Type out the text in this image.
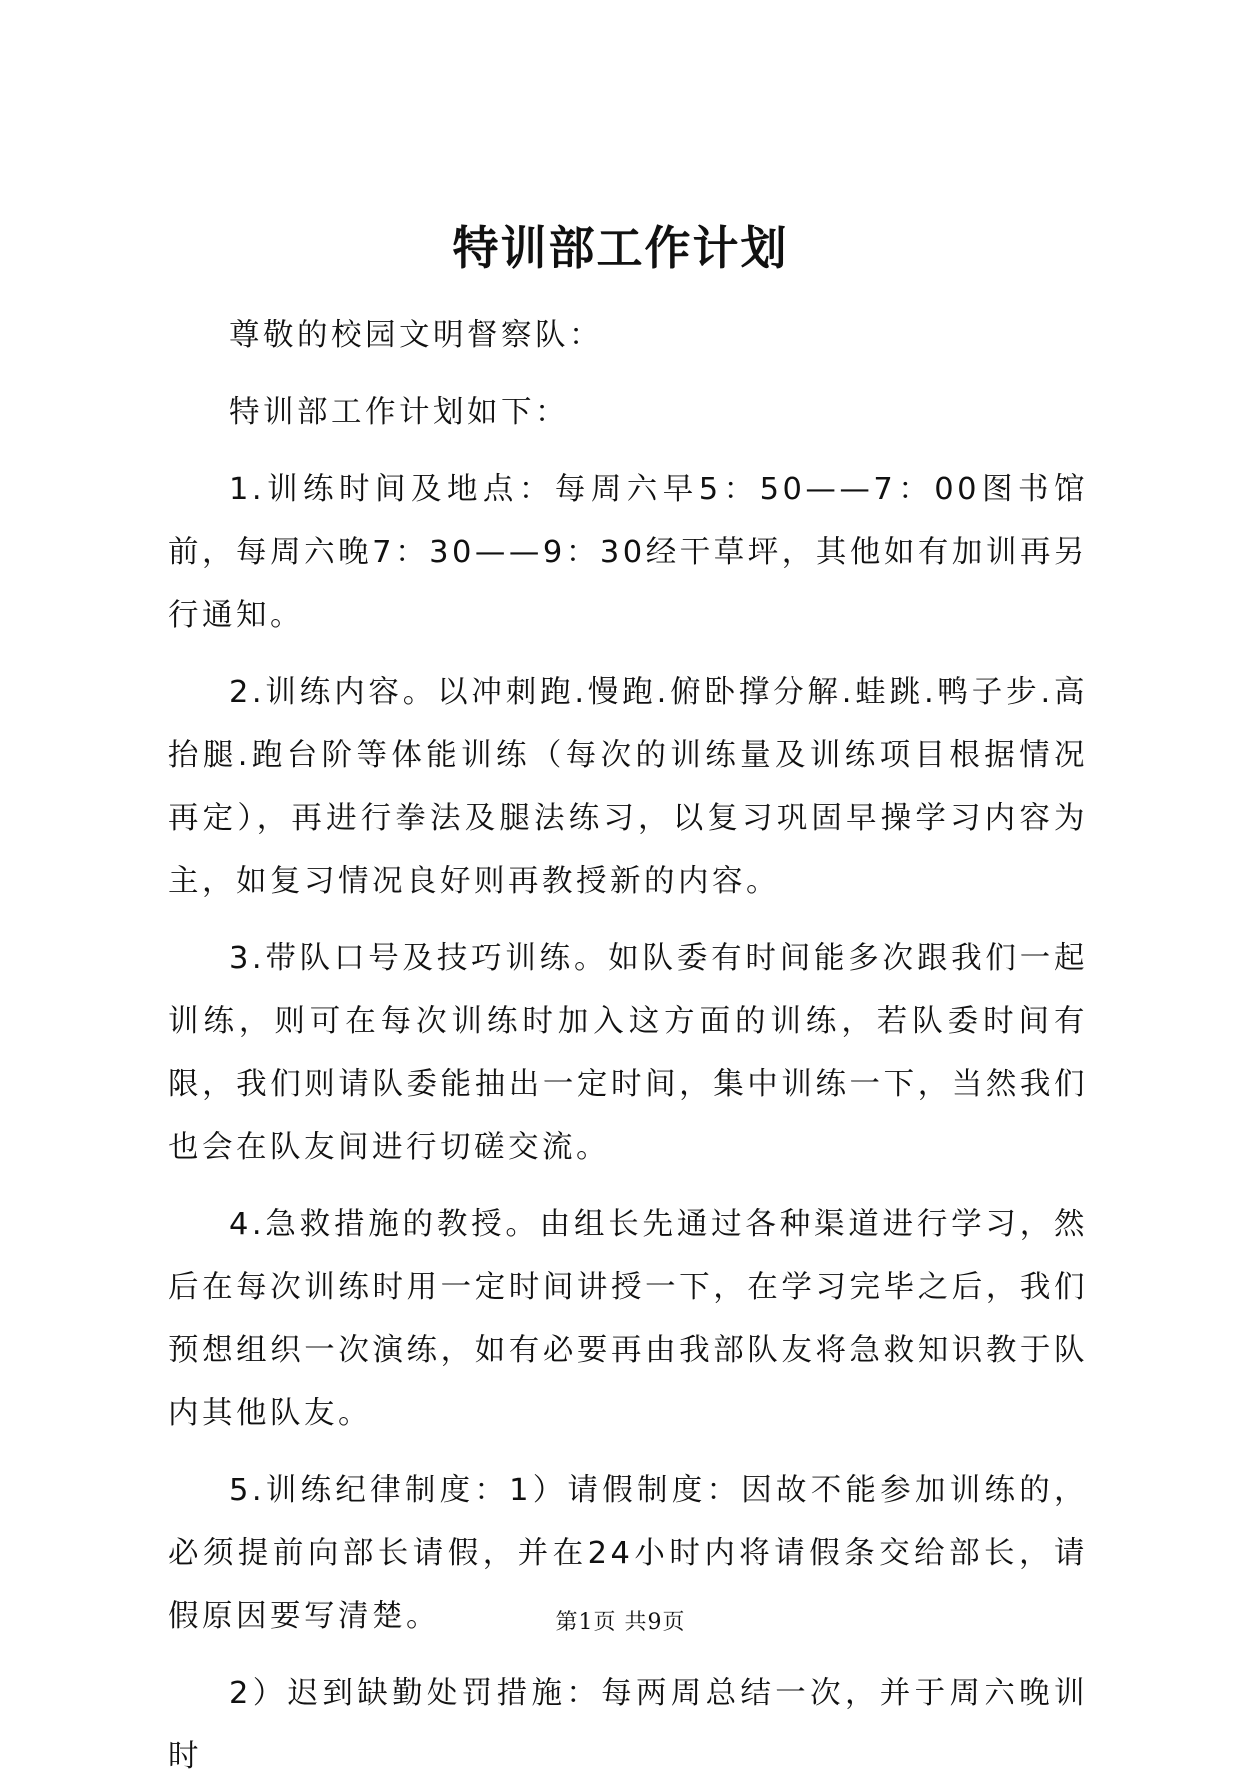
特训部工作计划

尊敬的校园文明督察队：

特训部工作计划如下：

1.训练时间及地点：每周六早5：50——7：00图书馆前，每周六晚7：30——9：30经干草坪，其他如有加训再另行通知。

2.训练内容。以冲刺跑.慢跑.俯卧撑分解.蛙跳.鸭子步.高抬腿.跑台阶等体能训练（每次的训练量及训练项目根据情况再定），再进行拳法及腿法练习，以复习巩固早操学习内容为主，如复习情况良好则再教授新的内容。

3.带队口号及技巧训练。如队委有时间能多次跟我们一起训练，则可在每次训练时加入这方面的训练，若队委时间有限，我们则请队委能抽出一定时间，集中训练一下，当然我们也会在队友间进行切磋交流。

4.急救措施的教授。由组长先通过各种渠道进行学习，然后在每次训练时用一定时间讲授一下，在学习完毕之后，我们预想组织一次演练，如有必要再由我部队友将急救知识教于队内其他队友。

5.训练纪律制度：1）请假制度：因故不能参加训练的，必须提前向部长请假，并在24小时内将请假条交给部长，请假原因要写清楚。

2）迟到缺勤处罚措施：每两周总结一次，并于周六晚训时

第1页 共9页
